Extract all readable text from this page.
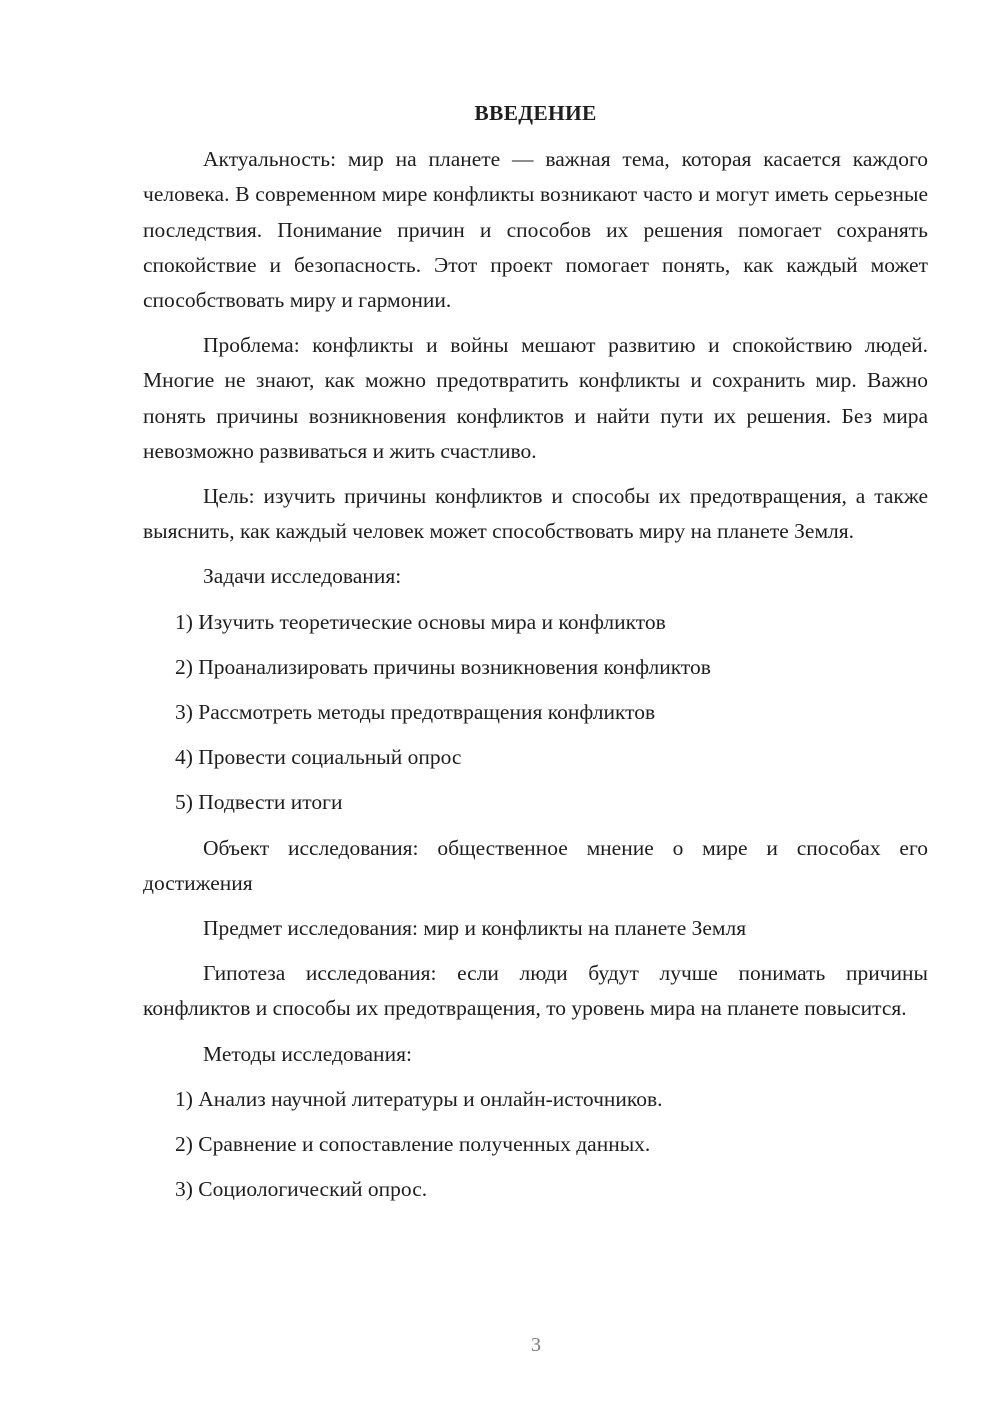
ВВЕДЕНИЕ

Актуальность: мир на планете — важная тема, которая касается каждого человека. В современном мире конфликты возникают часто и могут иметь серьезные последствия. Понимание причин и способов их решения помогает сохранять спокойствие и безопасность. Этот проект помогает понять, как каждый может способствовать миру и гармонии.

Проблема: конфликты и войны мешают развитию и спокойствию людей. Многие не знают, как можно предотвратить конфликты и сохранить мир. Важно понять причины возникновения конфликтов и найти пути их решения. Без мира невозможно развиваться и жить счастливо.

Цель: изучить причины конфликтов и способы их предотвращения, а также выяснить, как каждый человек может способствовать миру на планете Земля.

Задачи исследования:

1) Изучить теоретические основы мира и конфликтов
2) Проанализировать причины возникновения конфликтов
3) Рассмотреть методы предотвращения конфликтов
4) Провести социальный опрос
5) Подвести итоги

Объект исследования: общественное мнение о мире и способах его достижения

Предмет исследования: мир и конфликты на планете Земля

Гипотеза исследования: если люди будут лучше понимать причины конфликтов и способы их предотвращения, то уровень мира на планете повысится.

Методы исследования:

1) Анализ научной литературы и онлайн-источников.
2) Сравнение и сопоставление полученных данных.
3) Социологический опрос.
3
